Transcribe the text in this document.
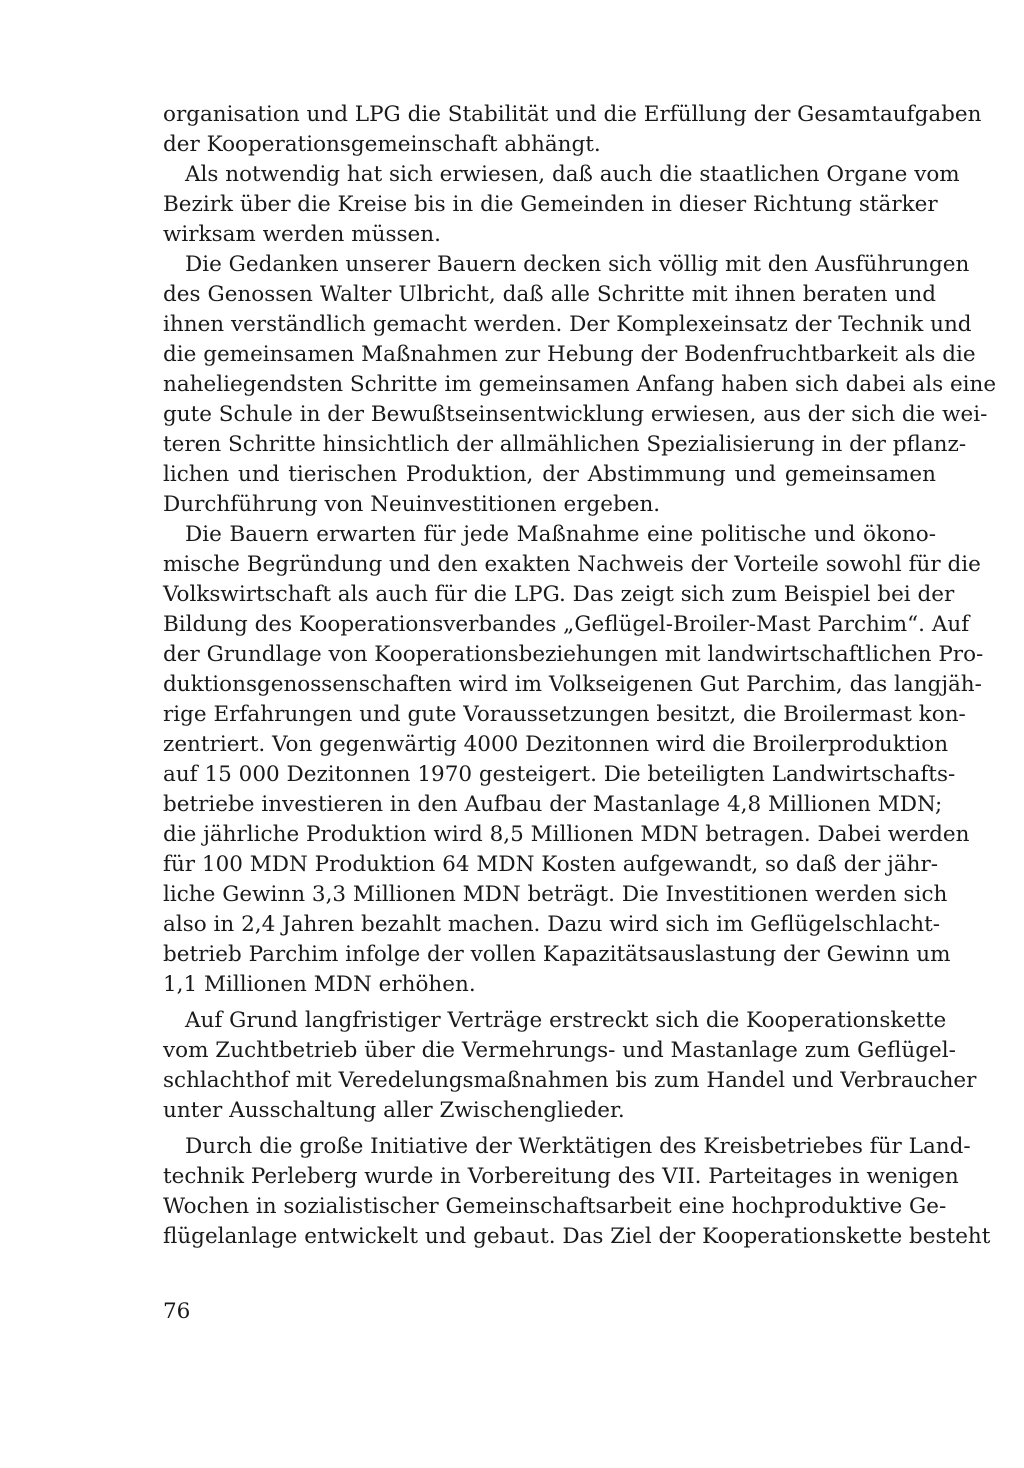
organisation und LPG die Stabilität und die Erfüllung der Gesamtaufgaben
der Kooperationsgemeinschaft abhängt.
Als notwendig hat sich erwiesen, daß auch die staatlichen Organe vom
Bezirk über die Kreise bis in die Gemeinden in dieser Richtung stärker
wirksam werden müssen.
Die Gedanken unserer Bauern decken sich völlig mit den Ausführungen
des Genossen Walter Ulbricht, daß alle Schritte mit ihnen beraten und
ihnen verständlich gemacht werden. Der Komplexeinsatz der Technik und
die gemeinsamen Maßnahmen zur Hebung der Bodenfruchtbarkeit als die
naheliegendsten Schritte im gemeinsamen Anfang haben sich dabei als eine
gute Schule in der Bewußtseinsentwicklung erwiesen, aus der sich die wei-
teren Schritte hinsichtlich der allmählichen Spezialisierung in der pflanz-
lichen und tierischen Produktion, der Abstimmung und gemeinsamen
Durchführung von Neuinvestitionen ergeben.
Die Bauern erwarten für jede Maßnahme eine politische und ökono-
mische Begründung und den exakten Nachweis der Vorteile sowohl für die
Volkswirtschaft als auch für die LPG. Das zeigt sich zum Beispiel bei der
Bildung des Kooperationsverbandes „Geflügel-Broiler-Mast Parchim“. Auf
der Grundlage von Kooperationsbeziehungen mit landwirtschaftlichen Pro-
duktionsgenossenschaften wird im Volkseigenen Gut Parchim, das langjäh-
rige Erfahrungen und gute Voraussetzungen besitzt, die Broilermast kon-
zentriert. Von gegenwärtig 4000 Dezitonnen wird die Broilerproduktion
auf 15 000 Dezitonnen 1970 gesteigert. Die beteiligten Landwirtschafts-
betriebe investieren in den Aufbau der Mastanlage 4,8 Millionen MDN;
die jährliche Produktion wird 8,5 Millionen MDN betragen. Dabei werden
für 100 MDN Produktion 64 MDN Kosten aufgewandt, so daß der jähr-
liche Gewinn 3,3 Millionen MDN beträgt. Die Investitionen werden sich
also in 2,4 Jahren bezahlt machen. Dazu wird sich im Geflügelschlacht-
betrieb Parchim infolge der vollen Kapazitätsauslastung der Gewinn um
1,1 Millionen MDN erhöhen.
Auf Grund langfristiger Verträge erstreckt sich die Kooperationskette
vom Zuchtbetrieb über die Vermehrungs- und Mastanlage zum Geflügel-
schlachthof mit Veredelungsmaßnahmen bis zum Handel und Verbraucher
unter Ausschaltung aller Zwischenglieder.
Durch die große Initiative der Werktätigen des Kreisbetriebes für Land-
technik Perleberg wurde in Vorbereitung des VII. Parteitages in wenigen
Wochen in sozialistischer Gemeinschaftsarbeit eine hochproduktive Ge-
flügelanlage entwickelt und gebaut. Das Ziel der Kooperationskette besteht
76
